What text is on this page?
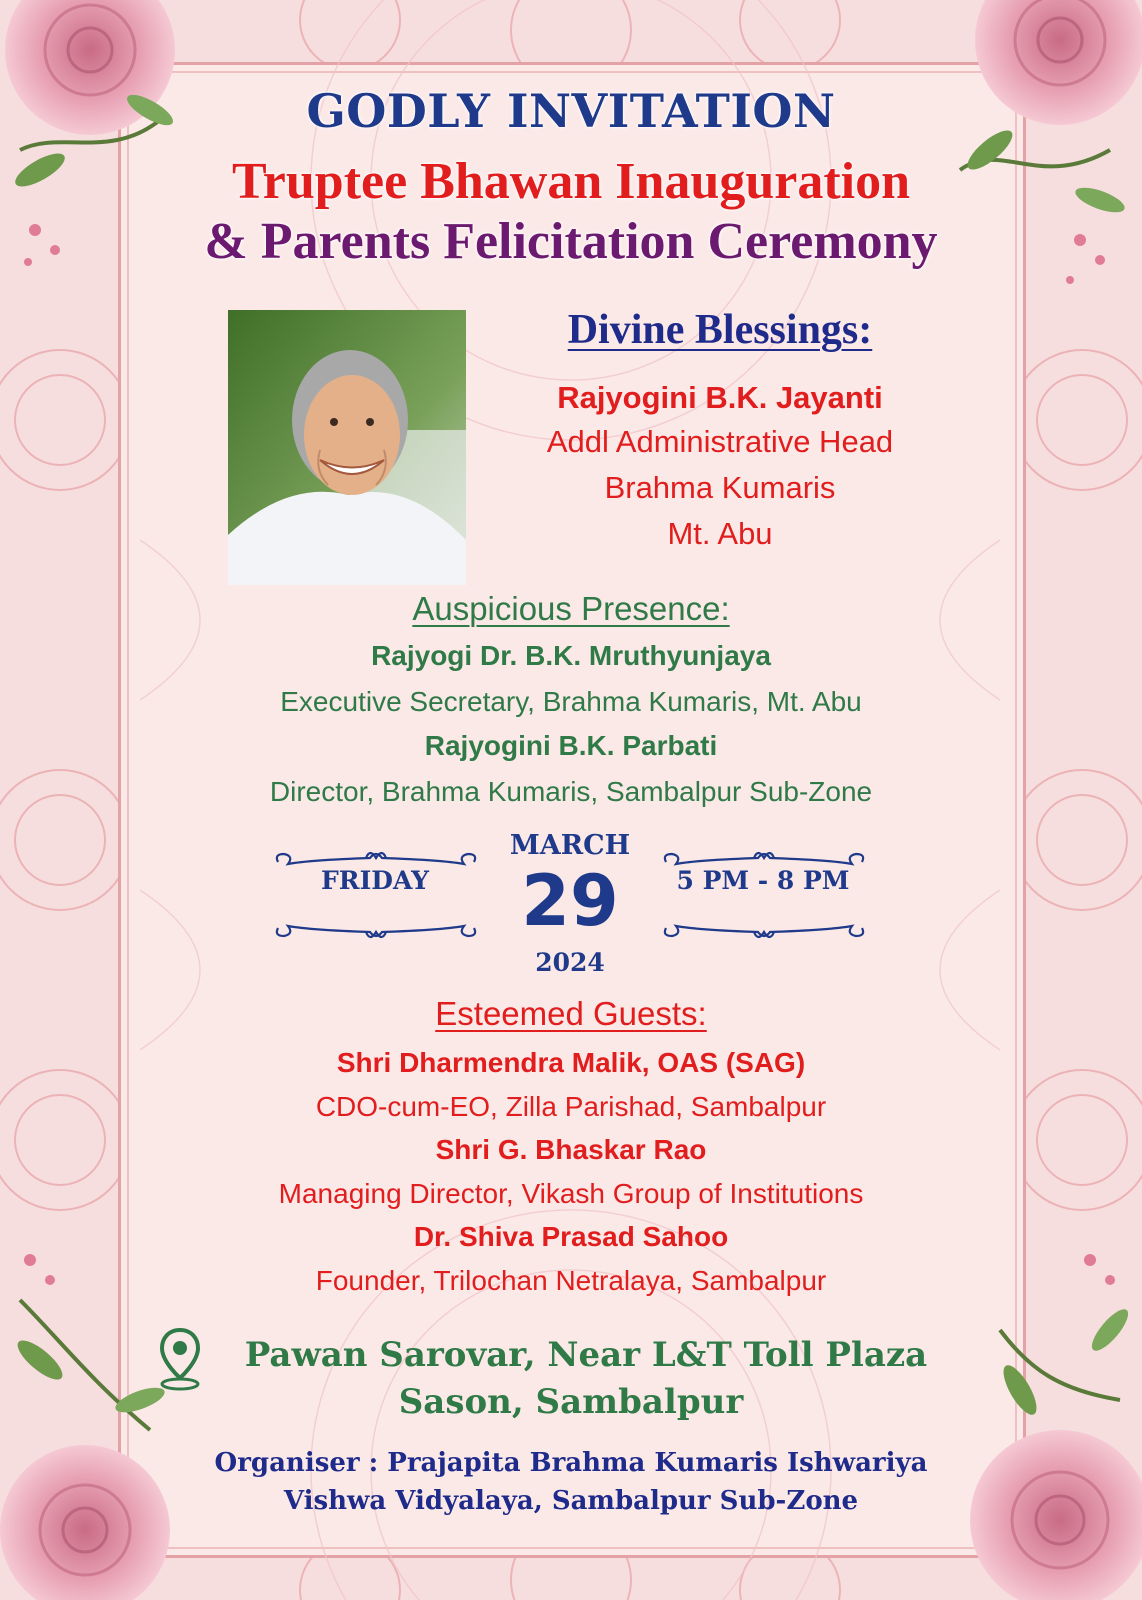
GODLY INVITATION
Truptee Bhawan Inauguration
& Parents Felicitation Ceremony
Divine Blessings:
Rajyogini B.K. Jayanti
Addl Administrative Head
Brahma Kumaris
Mt. Abu
Auspicious Presence:
Rajyogi Dr. B.K. Mruthyunjaya
Executive Secretary, Brahma Kumaris, Mt. Abu
Rajyogini B.K. Parbati
Director, Brahma Kumaris, Sambalpur Sub-Zone
FRIDAY
MARCH
29
2024
5 PM - 8 PM
Esteemed Guests:
Shri Dharmendra Malik, OAS (SAG)
CDO-cum-EO, Zilla Parishad, Sambalpur
Shri G. Bhaskar Rao
Managing Director, Vikash Group of Institutions
Dr. Shiva Prasad Sahoo
Founder, Trilochan Netralaya, Sambalpur
Pawan Sarovar, Near L&T Toll Plaza
Sason, Sambalpur
Organiser : Prajapita Brahma Kumaris Ishwariya
Vishwa Vidyalaya, Sambalpur Sub-Zone
